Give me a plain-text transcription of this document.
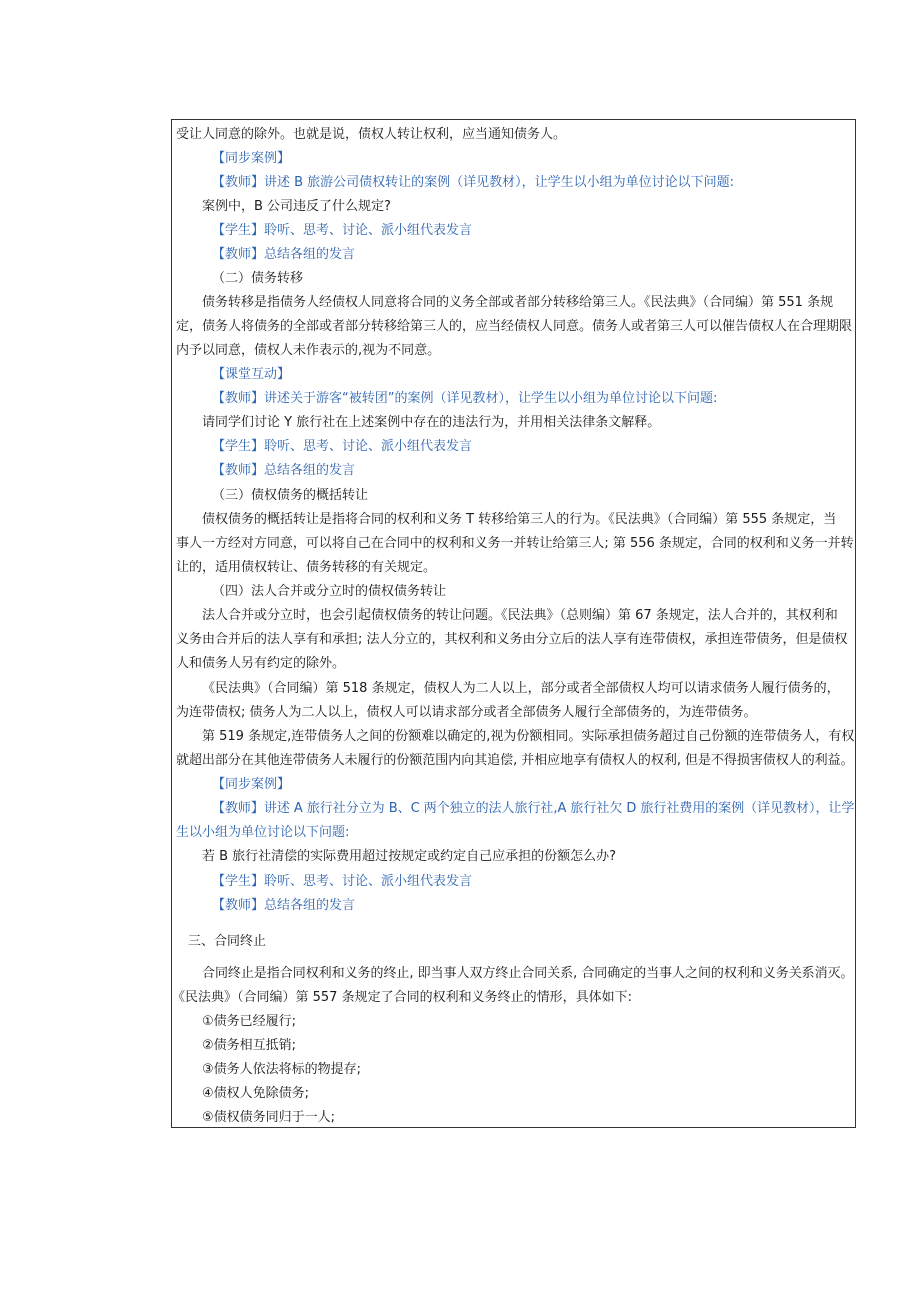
受让人同意的除外。也就是说，债权人转让权利，应当通知债务人。
【同步案例】
【教师】讲述 B 旅游公司债权转让的案例（详见教材），让学生以小组为单位讨论以下问题:
案例中，B 公司违反了什么规定?
【学生】聆听、思考、讨论、派小组代表发言
【教师】总结各组的发言
（二）债务转移
债务转移是指债务人经债权人同意将合同的义务全部或者部分转移给第三人。《民法典》（合同编）第 551 条规
定，债务人将债务的全部或者部分转移给第三人的，应当经债权人同意。债务人或者第三人可以催告债权人在合理期限
内予以同意，债权人未作表示的,视为不同意。
【课堂互动】
【教师】讲述关于游客“被转团”的案例（详见教材），让学生以小组为单位讨论以下问题:
请同学们讨论 Y 旅行社在上述案例中存在的违法行为，并用相关法律条文解释。
【学生】聆听、思考、讨论、派小组代表发言
【教师】总结各组的发言
（三）债权债务的概括转让
债权债务的概括转让是指将合同的权利和义务 T 转移给第三人的行为。《民法典》（合同编）第 555 条规定，当
事人一方经对方同意，可以将自己在合同中的权利和义务一并转让给第三人; 第 556 条规定，合同的权利和义务一并转
让的，适用债权转让、债务转移的有关规定。
（四）法人合并或分立时的债权债务转让
法人合并或分立时，也会引起债权债务的转让问题。《民法典》（总则编）第 67 条规定，法人合并的，其权利和
义务由合并后的法人享有和承担; 法人分立的，其权利和义务由分立后的法人享有连带债权，承担连带债务，但是债权
人和债务人另有约定的除外。
《民法典》（合同编）第 518 条规定，债权人为二人以上，部分或者全部债权人均可以请求债务人履行债务的，
为连带债权; 债务人为二人以上，债权人可以请求部分或者全部债务人履行全部债务的，为连带债务。
第 519 条规定,连带债务人之间的份额难以确定的,视为份额相同。实际承担债务超过自己份额的连带债务人，有权
就超出部分在其他连带债务人未履行的份额范围内向其追偿, 并相应地享有债权人的权利, 但是不得损害债权人的利益。
【同步案例】
【教师】讲述 A 旅行社分立为 B、C 两个独立的法人旅行社,A 旅行社欠 D 旅行社费用的案例（详见教材），让学
生以小组为单位讨论以下问题:
若 B 旅行社清偿的实际费用超过按规定或约定自己应承担的份额怎么办?
【学生】聆听、思考、讨论、派小组代表发言
【教师】总结各组的发言
三、合同终止
合同终止是指合同权利和义务的终止, 即当事人双方终止合同关系, 合同确定的当事人之间的权利和义务关系消灭。
《民法典》（合同编）第 557 条规定了合同的权利和义务终止的情形，具体如下:
①债务已经履行;
②债务相互抵销;
③债务人依法将标的物提存;
④债权人免除债务;
⑤债权债务同归于一人;
